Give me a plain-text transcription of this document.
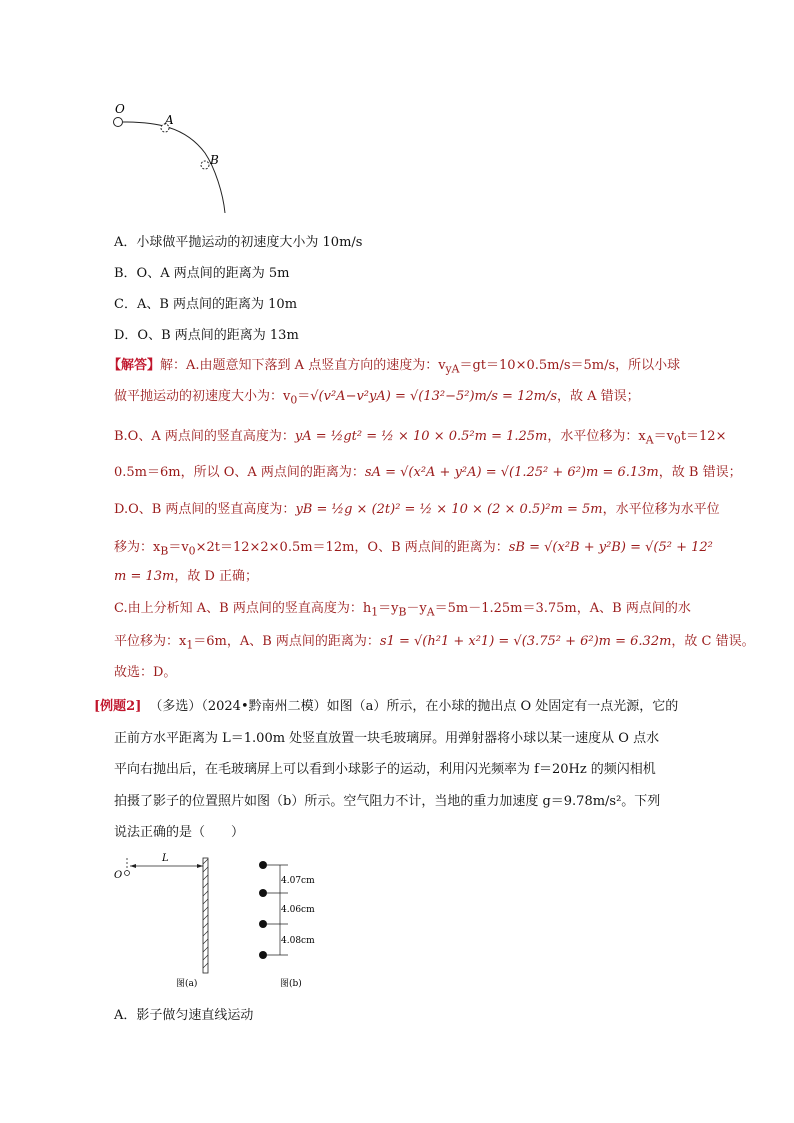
O
A
B
A．小球做平抛运动的初速度大小为 10m/s
B．O、A 两点间的距离为 5m
C．A、B 两点间的距离为 10m
D．O、B 两点间的距离为 13m
【解答】解：A.由题意知下落到 A 点竖直方向的速度为：$v_{yA}=gt=10\times 0.5m/s=5m/s$，所以小球
做平抛运动的初速度大小为：$v_0=√(v^2A-v^2yA) = √(13^2-5^2)m/s = 12m/s$，故 A 错误；
B.O、A 两点间的竖直高度为：yA = ½gt² = ½ × 10 × 0.5²m = 1.25m，水平位移为：$x_A=v_0t=12\times$
0.5m＝6m，所以 O、A 两点间的距离为：sA = √(x²A + y²A) = √(1.25² + 6²)m = 6.13m，故 B 错误；
D.O、B 两点间的竖直高度为：yB = ½g × (2t)² = ½ × 10 × (2 × 0.5)²m = 5m，水平位移为水平位
移为：$x_B=v_0\times 2t=12\times 2\times 0.5m=12m$，O、B 两点间的距离为：sB = √(x²B + y²B) = √(5² + 12²
m = 13m，故 D 正确；
C.由上分析知 A、B 两点间的竖直高度为：$h_1=y_B-y_A=5m-1.25m=3.75m$，A、B 两点间的水
平位移为：$x_1=6m$，A、B 两点间的距离为：s1 = √(h²1 + x²1) = √(3.75² + 6²)m = 6.32m，故 C 错误。
故选：D。
[例题2] （多选）（2024•黔南州二模）如图（a）所示，在小球的抛出点 O 处固定有一点光源，它的
正前方水平距离为 L＝1.00m 处竖直放置一块毛玻璃屏。用弹射器将小球以某一速度从 O 点水
平向右抛出后，在毛玻璃屏上可以看到小球影子的运动，利用闪光频率为 f＝20Hz 的频闪相机
拍摄了影子的位置照片如图（b）所示。空气阻力不计，当地的重力加速度 g＝9.78m/s²。下列
说法正确的是（　　）
O
L
图(a)
4.07cm
4.06cm
4.08cm
图(b)
A．影子做匀速直线运动
